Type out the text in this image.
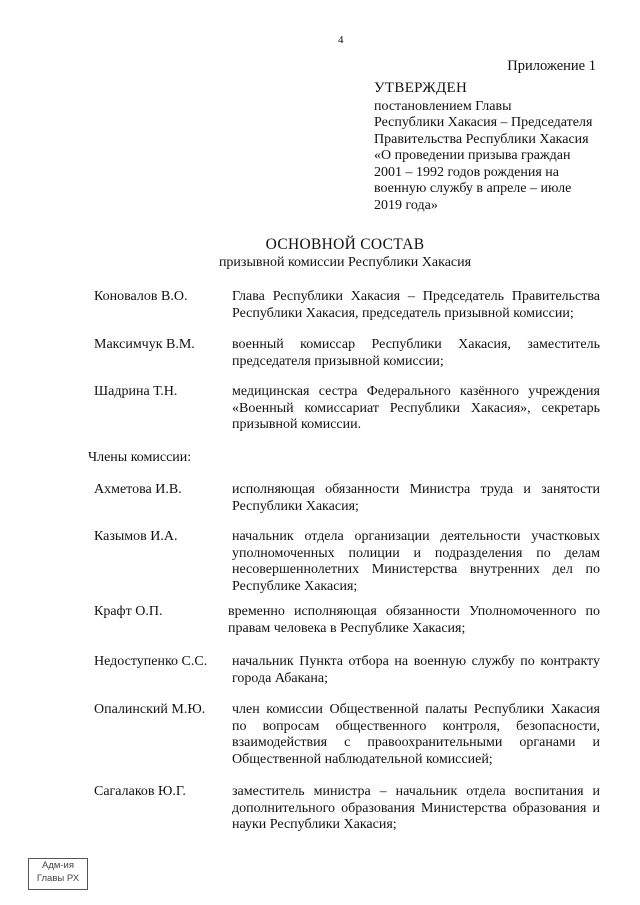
4
Приложение 1
УТВЕРЖДЕН
постановлением Главы
Республики Хакасия – Председателя
Правительства Республики Хакасия
«О проведении призыва граждан
2001 – 1992 годов рождения на
военную службу в апреле – июле
2019 года»
ОСНОВНОЙ СОСТАВ
призывной комиссии Республики Хакасия
Коновалов В.О.	Глава Республики Хакасия – Председатель Правительства Республики Хакасия, председатель призывной комиссии;
Максимчук В.М.	военный комиссар Республики Хакасия, заместитель председателя призывной комиссии;
Шадрина Т.Н.	медицинская сестра Федерального казённого учреждения «Военный комиссариат Республики Хакасия», секретарь призывной комиссии.
Члены комиссии:
Ахметова И.В.	исполняющая обязанности Министра труда и занятости Республики Хакасия;
Казымов И.А.	начальник отдела организации деятельности участковых уполномоченных полиции и подразделения по делам несовершеннолетних Министерства внутренних дел по Республике Хакасия;
Крафт О.П.	временно исполняющая обязанности Уполномоченного по правам человека в Республике Хакасия;
Недоступенко С.С. начальник Пункта отбора на военную службу по контракту города Абакана;
Опалинский М.Ю. член комиссии Общественной палаты Республики Хакасия по вопросам общественного контроля, безопасности, взаимодействия с правоохранительными органами и Общественной наблюдательной комиссией;
Сагалаков Ю.Г.	заместитель министра – начальник отдела воспитания и дополнительного образования Министерства образования и науки Республики Хакасия;
Адм-ия
Главы РХ
